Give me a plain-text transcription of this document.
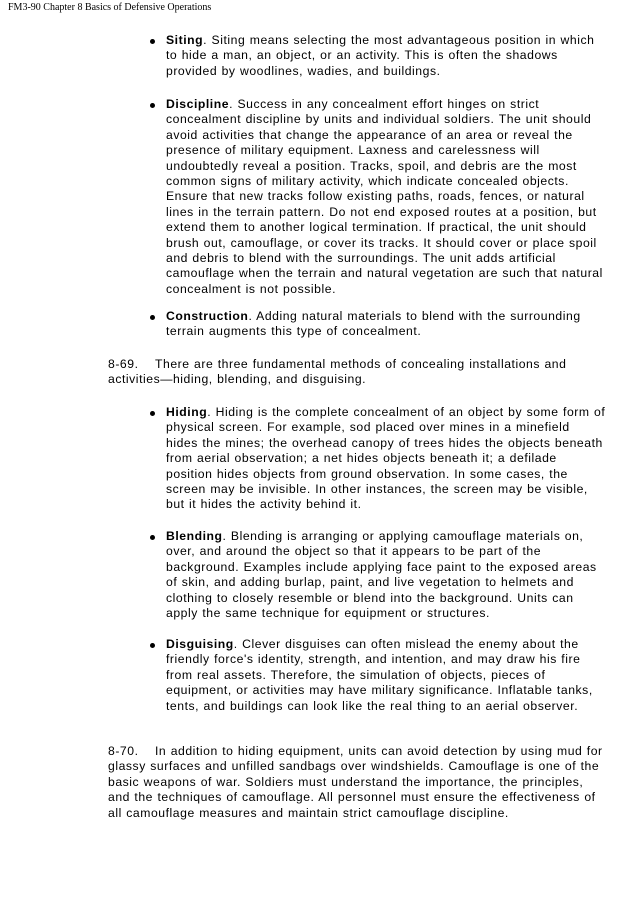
FM3-90 Chapter 8 Basics of Defensive Operations
Siting. Siting means selecting the most advantageous position in which to hide a man, an object, or an activity. This is often the shadows provided by woodlines, wadies, and buildings.
Discipline. Success in any concealment effort hinges on strict concealment discipline by units and individual soldiers. The unit should avoid activities that change the appearance of an area or reveal the presence of military equipment. Laxness and carelessness will undoubtedly reveal a position. Tracks, spoil, and debris are the most common signs of military activity, which indicate concealed objects. Ensure that new tracks follow existing paths, roads, fences, or natural lines in the terrain pattern. Do not end exposed routes at a position, but extend them to another logical termination. If practical, the unit should brush out, camouflage, or cover its tracks. It should cover or place spoil and debris to blend with the surroundings. The unit adds artificial camouflage when the terrain and natural vegetation are such that natural concealment is not possible.
Construction. Adding natural materials to blend with the surrounding terrain augments this type of concealment.

8-69. There are three fundamental methods of concealing installations and activities—hiding, blending, and disguising.

Hiding. Hiding is the complete concealment of an object by some form of physical screen. For example, sod placed over mines in a minefield hides the mines; the overhead canopy of trees hides the objects beneath from aerial observation; a net hides objects beneath it; a defilade position hides objects from ground observation. In some cases, the screen may be invisible. In other instances, the screen may be visible, but it hides the activity behind it.
Blending. Blending is arranging or applying camouflage materials on, over, and around the object so that it appears to be part of the background. Examples include applying face paint to the exposed areas of skin, and adding burlap, paint, and live vegetation to helmets and clothing to closely resemble or blend into the background. Units can apply the same technique for equipment or structures.
Disguising. Clever disguises can often mislead the enemy about the friendly force's identity, strength, and intention, and may draw his fire from real assets. Therefore, the simulation of objects, pieces of equipment, or activities may have military significance. Inflatable tanks, tents, and buildings can look like the real thing to an aerial observer.

8-70. In addition to hiding equipment, units can avoid detection by using mud for glassy surfaces and unfilled sandbags over windshields. Camouflage is one of the basic weapons of war. Soldiers must understand the importance, the principles, and the techniques of camouflage. All personnel must ensure the effectiveness of all camouflage measures and maintain strict camouflage discipline.
